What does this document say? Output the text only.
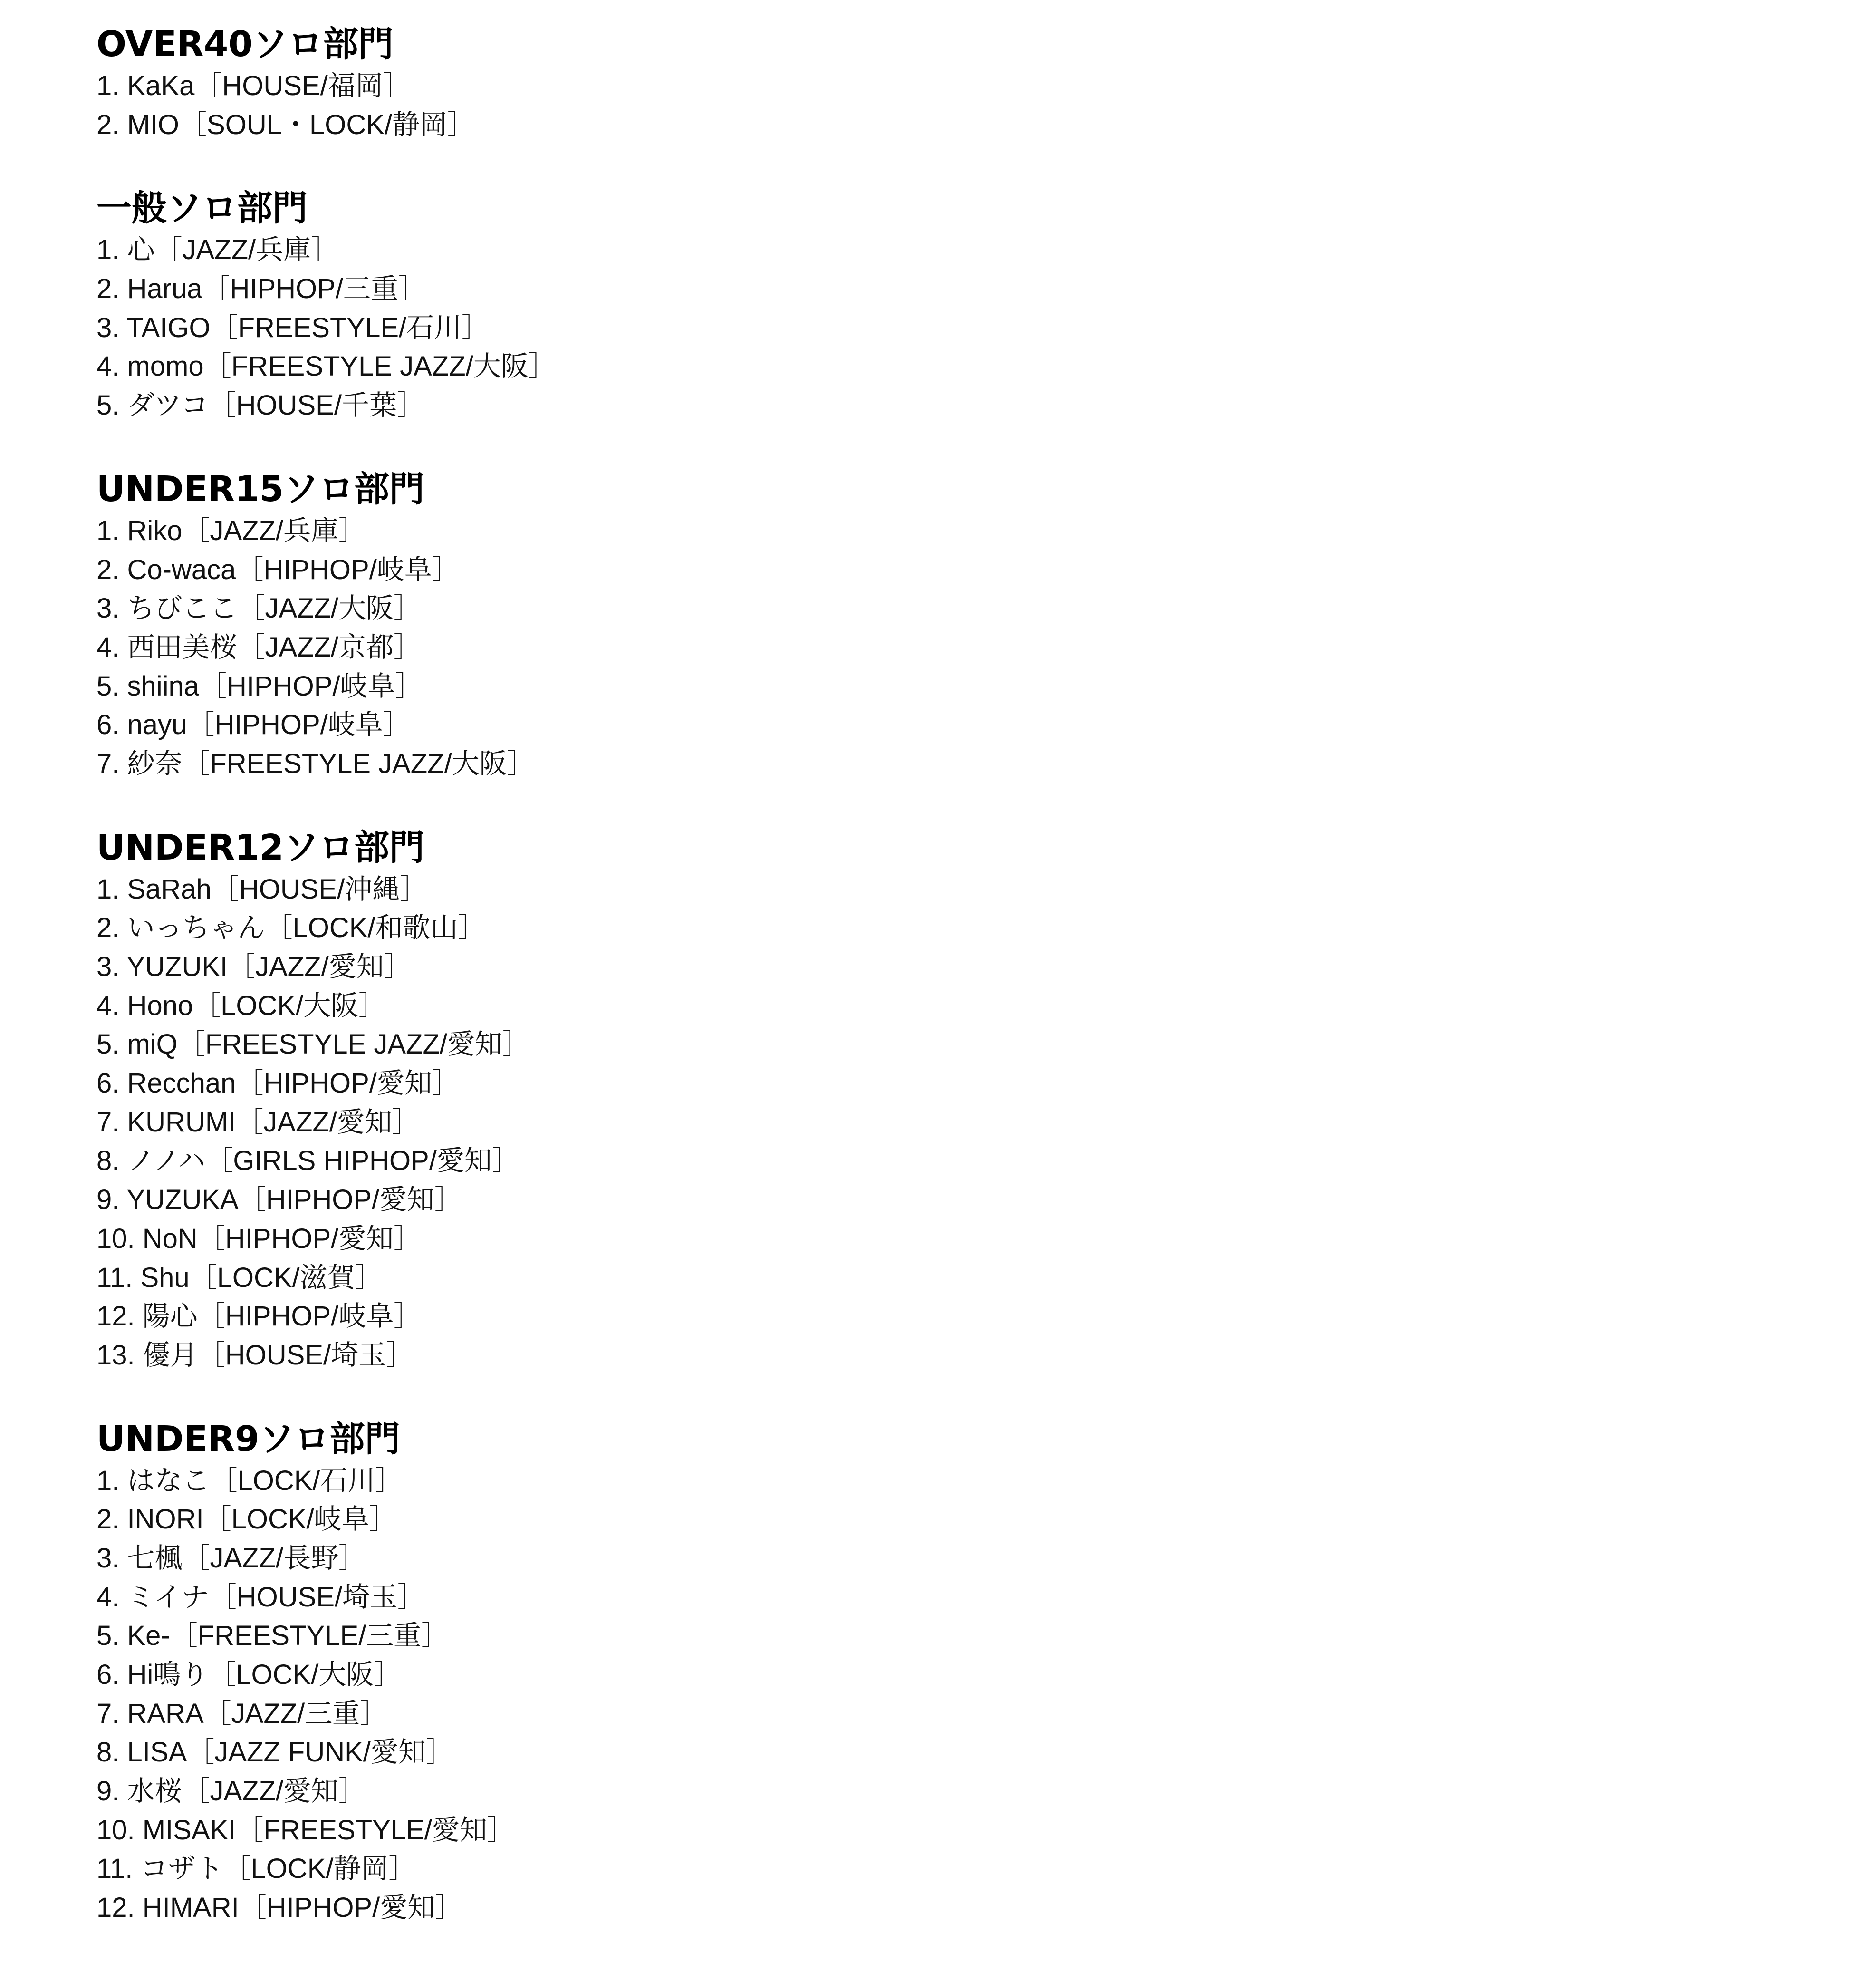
OVER40ソロ部門
1. KaKa［HOUSE/福岡］
2. MIO［SOUL・LOCK/静岡］
一般ソロ部門
1. 心［JAZZ/兵庫］
2. Harua［HIPHOP/三重］
3. TAIGO［FREESTYLE/石川］
4. momo［FREESTYLE JAZZ/大阪］
5. ダツコ［HOUSE/千葉］
UNDER15ソロ部門
1. Riko［JAZZ/兵庫］
2. Co-waca［HIPHOP/岐阜］
3. ちびここ［JAZZ/大阪］
4. 西田美桜［JAZZ/京都］
5. shiina［HIPHOP/岐阜］
6. nayu［HIPHOP/岐阜］
7. 紗奈［FREESTYLE JAZZ/大阪］
UNDER12ソロ部門
1. SaRah［HOUSE/沖縄］
2. いっちゃん［LOCK/和歌山］
3. YUZUKI［JAZZ/愛知］
4. Hono［LOCK/大阪］
5. miQ［FREESTYLE JAZZ/愛知］
6. Recchan［HIPHOP/愛知］
7. KURUMI［JAZZ/愛知］
8. ノノハ［GIRLS HIPHOP/愛知］
9. YUZUKA［HIPHOP/愛知］
10. NoN［HIPHOP/愛知］
11. Shu［LOCK/滋賀］
12. 陽心［HIPHOP/岐阜］
13. 優月［HOUSE/埼玉］
UNDER9ソロ部門
1. はなこ［LOCK/石川］
2. INORI［LOCK/岐阜］
3. 七楓［JAZZ/長野］
4. ミイナ［HOUSE/埼玉］
5. Ke-［FREESTYLE/三重］
6. Hi鳴り［LOCK/大阪］
7. RARA［JAZZ/三重］
8. LISA［JAZZ FUNK/愛知］
9. 水桜［JAZZ/愛知］
10. MISAKI［FREESTYLE/愛知］
11. コザト［LOCK/静岡］
12. HIMARI［HIPHOP/愛知］
